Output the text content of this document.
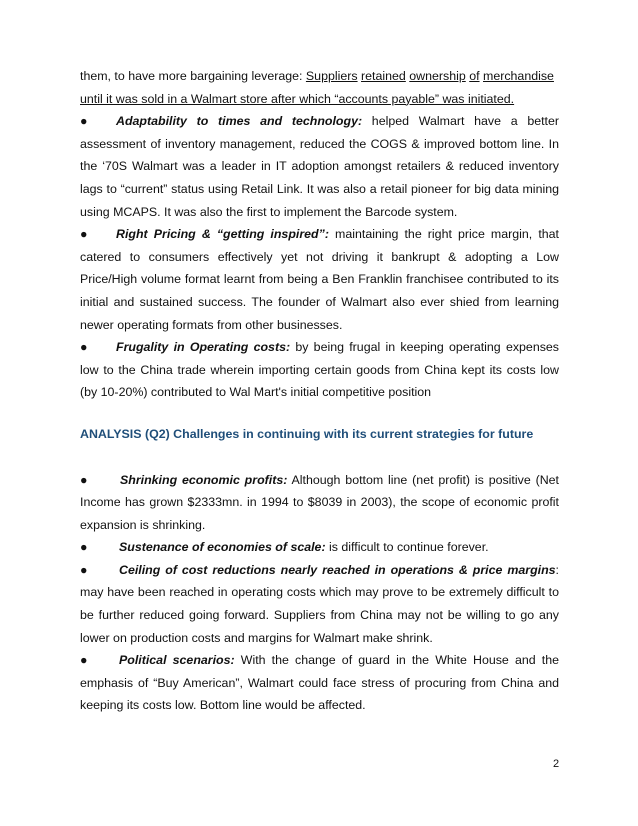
them, to have more bargaining leverage: Suppliers retained ownership of merchandise

until it was sold in a Walmart store after which “accounts payable” was initiated.

● Adaptability to times and technology: helped Walmart have a better assessment of inventory management, reduced the COGS & improved bottom line. In the ‘70S Walmart was a leader in IT adoption amongst retailers & reduced inventory lags to “current” status using Retail Link. It was also a retail pioneer for big data mining using MCAPS. It was also the first to implement the Barcode system.

● Right Pricing & “getting inspired”: maintaining the right price margin, that catered to consumers effectively yet not driving it bankrupt & adopting a Low Price/High volume format learnt from being a Ben Franklin franchisee contributed to its initial and sustained success. The founder of Walmart also ever shied from learning newer operating formats from other businesses.

● Frugality in Operating costs: by being frugal in keeping operating expenses low to the China trade wherein importing certain goods from China kept its costs low (by 10-20%) contributed to Wal Mart's initial competitive position

ANALYSIS (Q2) Challenges in continuing with its current strategies for future

●	Shrinking economic profits: Although bottom line (net profit) is positive (Net Income has grown $2333mn. in 1994 to $8039 in 2003), the scope of economic profit expansion is shrinking.

●	Sustenance of economies of scale: is difficult to continue forever.

●	Ceiling of cost reductions nearly reached in operations & price margins: may have been reached in operating costs which may prove to be extremely difficult to be further reduced going forward. Suppliers from China may not be willing to go any lower on production costs and margins for Walmart make shrink.

●	Political scenarios: With the change of guard in the White House and the emphasis of “Buy American”, Walmart could face stress of procuring from China and keeping its costs low. Bottom line would be affected.

2
